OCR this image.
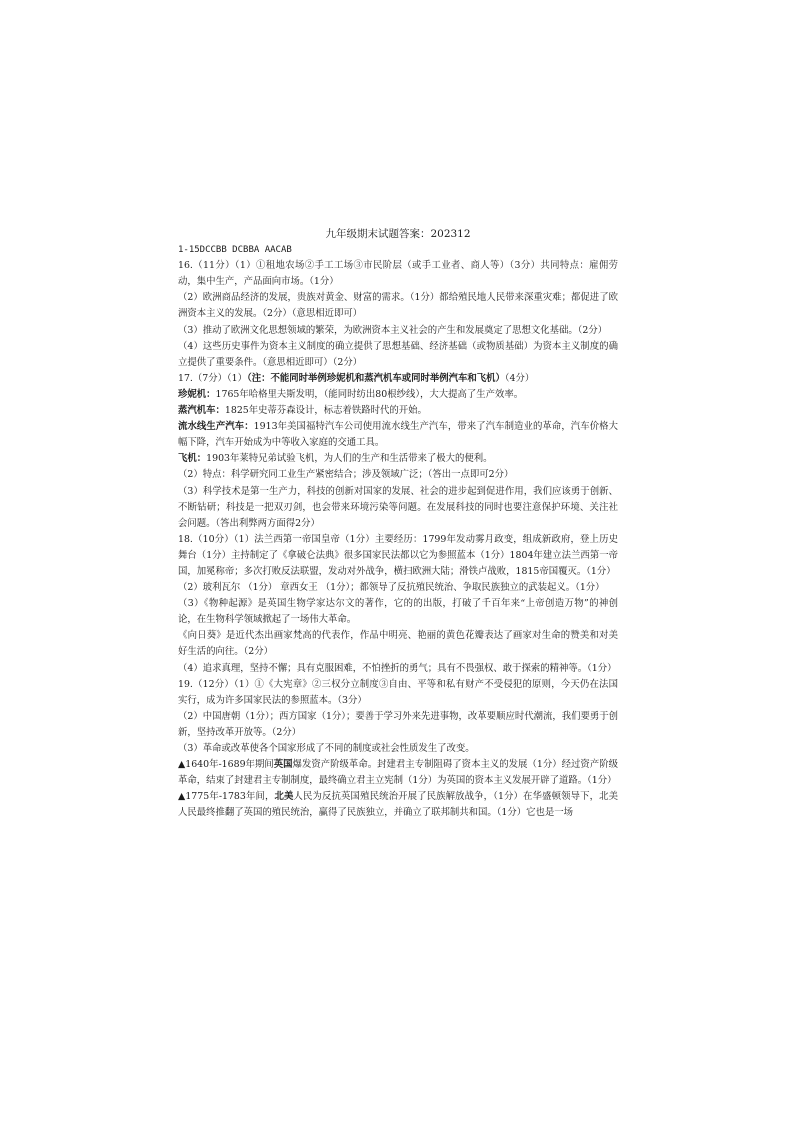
九年级期末试题答案：202312

1-15DCCBB DCBBA AACAB

16.（11分）（1）①租地农场②手工工场③市民阶层（或手工业者、商人等）（3分）共同特点：雇佣劳动，集中生产，产品面向市场。（1分）

（2）欧洲商品经济的发展，贵族对黄金、财富的需求。（1分）都给殖民地人民带来深重灾难；都促进了欧洲资本主义的发展。（2分）（意思相近即可）

（3）推动了欧洲文化思想领域的繁荣，为欧洲资本主义社会的产生和发展奠定了思想文化基础。（2分）

（4）这些历史事件为资本主义制度的确立提供了思想基础、经济基础（或物质基础）为资本主义制度的确立提供了重要条件。（意思相近即可）（2分）

17.（7分）（1）（注：不能同时举例珍妮机和蒸汽机车或同时举例汽车和飞机）（4分）

珍妮机：1765年哈格里夫斯发明，（能同时纺出80根纱线），大大提高了生产效率。

蒸汽机车：1825年史蒂芬森设计，标志着铁路时代的开始。

流水线生产汽车：1913年美国福特汽车公司使用流水线生产汽车，带来了汽车制造业的革命，汽车价格大幅下降，汽车开始成为中等收入家庭的交通工具。

飞机：1903年莱特兄弟试验飞机，为人们的生产和生活带来了极大的便利。

（2）特点：科学研究同工业生产紧密结合；涉及领域广泛；（答出一点即可2分）

（3）科学技术是第一生产力，科技的创新对国家的发展、社会的进步起到促进作用，我们应该勇于创新、不断钻研；科技是一把双刃剑，也会带来环境污染等问题。在发展科技的同时也要注意保护环境、关注社会问题。（答出利弊两方面得2分）

18.（10分）（1）法兰西第一帝国皇帝（1分）主要经历：1799年发动雾月政变，组成新政府，登上历史舞台（1分）主持制定了《拿破仑法典》很多国家民法都以它为参照蓝本（1分）1804年建立法兰西第一帝国，加冕称帝；多次打败反法联盟，发动对外战争，横扫欧洲大陆；滑铁卢战败，1815帝国覆灭。（1分）

（2）玻利瓦尔 （1分） 章西女王 （1分）；都领导了反抗殖民统治、争取民族独立的武装起义。（1分）

（3）《物种起源》是英国生物学家达尔文的著作，它的的出版，打破了千百年来“上帝创造万物”的神创论，在生物科学领域掀起了一场伟大革命。

《向日葵》是近代杰出画家梵高的代表作，作品中明亮、艳丽的黄色花瓣表达了画家对生命的赞美和对美好生活的向往。（2分）

（4）追求真理，坚持不懈；具有克服困难，不怕挫折的勇气；具有不畏强权、敢于探索的精神等。（1分）

19.（12分）（1）①《大宪章》②三权分立制度③自由、平等和私有财产不受侵犯的原则，今天仍在法国实行，成为许多国家民法的参照蓝本。（3分）

（2）中国唐朝（1分）；西方国家（1分）；要善于学习外来先进事物，改革要顺应时代潮流，我们要勇于创新，坚持改革开放等。（2分）

（3）革命或改革使各个国家形成了不同的制度或社会性质发生了改变。

▲1640年-1689年期间英国爆发资产阶级革命。封建君主专制阻碍了资本主义的发展（1分）经过资产阶级革命，结束了封建君主专制制度，最终确立君主立宪制（1分）为英国的资本主义发展开辟了道路。（1分）

▲1775年-1783年间，北美人民为反抗英国殖民统治开展了民族解放战争，（1分）在华盛顿领导下，北美人民最终推翻了英国的殖民统治，赢得了民族独立，并确立了联邦制共和国。（1分）它也是一场
